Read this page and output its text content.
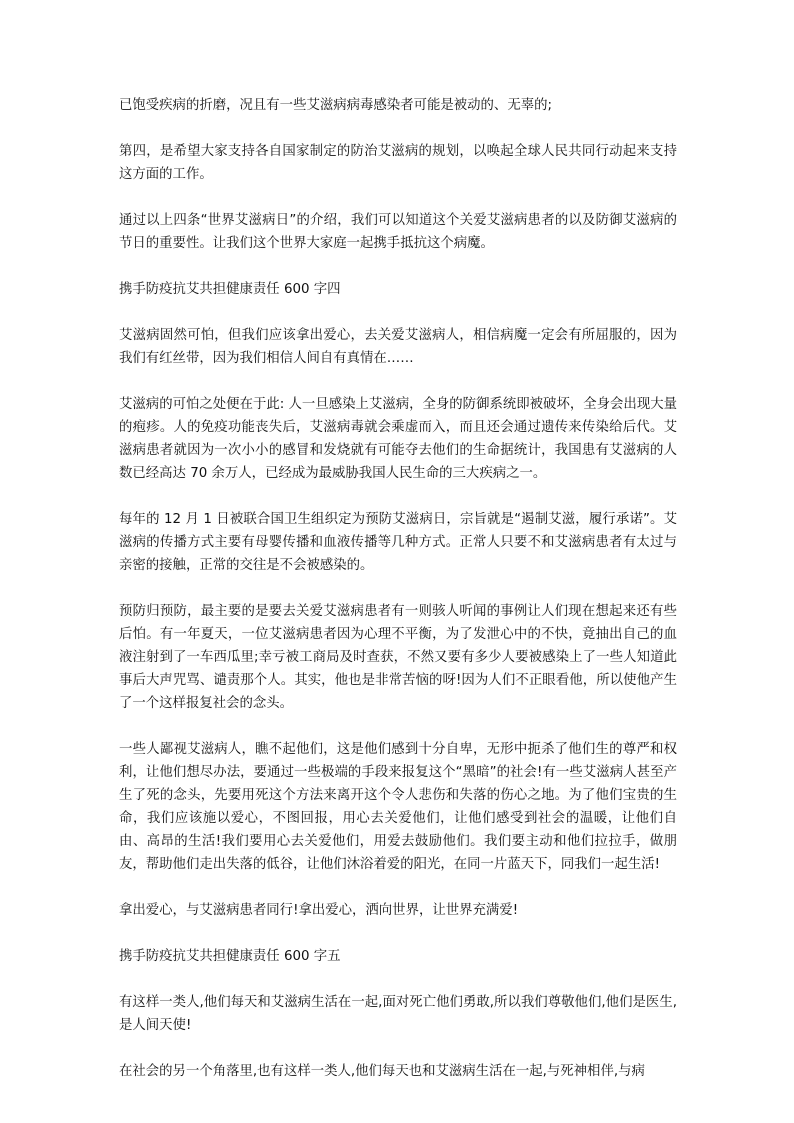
已饱受疾病的折磨，况且有一些艾滋病病毒感染者可能是被动的、无辜的;

第四，是希望大家支持各自国家制定的防治艾滋病的规划，以唤起全球人民共同行动起来支持这方面的工作。

通过以上四条“世界艾滋病日”的介绍，我们可以知道这个关爱艾滋病患者的以及防御艾滋病的节日的重要性。让我们这个世界大家庭一起携手抵抗这个病魔。

携手防疫抗艾共担健康责任 600 字四

艾滋病固然可怕，但我们应该拿出爱心，去关爱艾滋病人，相信病魔一定会有所屈服的，因为我们有红丝带，因为我们相信人间自有真情在……

艾滋病的可怕之处便在于此: 人一旦感染上艾滋病，全身的防御系统即被破坏，全身会出现大量的疱疹。人的免疫功能丧失后，艾滋病毒就会乘虚而入，而且还会通过遗传来传染给后代。艾滋病患者就因为一次小小的感冒和发烧就有可能夺去他们的生命据统计，我国患有艾滋病的人数已经高达 70 余万人，已经成为最威胁我国人民生命的三大疾病之一。

每年的 12 月 1 日被联合国卫生组织定为预防艾滋病日，宗旨就是“遏制艾滋，履行承诺”。艾滋病的传播方式主要有母婴传播和血液传播等几种方式。正常人只要不和艾滋病患者有太过与亲密的接触，正常的交往是不会被感染的。

预防归预防，最主要的是要去关爱艾滋病患者有一则骇人听闻的事例让人们现在想起来还有些后怕。有一年夏天，一位艾滋病患者因为心理不平衡，为了发泄心中的不快，竟抽出自己的血液注射到了一车西瓜里;幸亏被工商局及时查获，不然又要有多少人要被感染上了一些人知道此事后大声咒骂、谴责那个人。其实，他也是非常苦恼的呀!因为人们不正眼看他，所以使他产生了一个这样报复社会的念头。

一些人鄙视艾滋病人，瞧不起他们，这是他们感到十分自卑，无形中扼杀了他们生的尊严和权利，让他们想尽办法，要通过一些极端的手段来报复这个“黑暗”的社会!有一些艾滋病人甚至产生了死的念头，先要用死这个方法来离开这个令人悲伤和失落的伤心之地。为了他们宝贵的生命，我们应该施以爱心，不图回报，用心去关爱他们，让他们感受到社会的温暖，让他们自由、高昂的生活!我们要用心去关爱他们，用爱去鼓励他们。我们要主动和他们拉拉手，做朋友，帮助他们走出失落的低谷，让他们沐浴着爱的阳光，在同一片蓝天下，同我们一起生活!

拿出爱心，与艾滋病患者同行!拿出爱心，洒向世界，让世界充满爱!

携手防疫抗艾共担健康责任 600 字五

有这样一类人,他们每天和艾滋病生活在一起,面对死亡他们勇敢,所以我们尊敬他们,他们是医生,是人间天使!

在社会的另一个角落里,也有这样一类人,他们每天也和艾滋病生活在一起,与死神相伴,与病
